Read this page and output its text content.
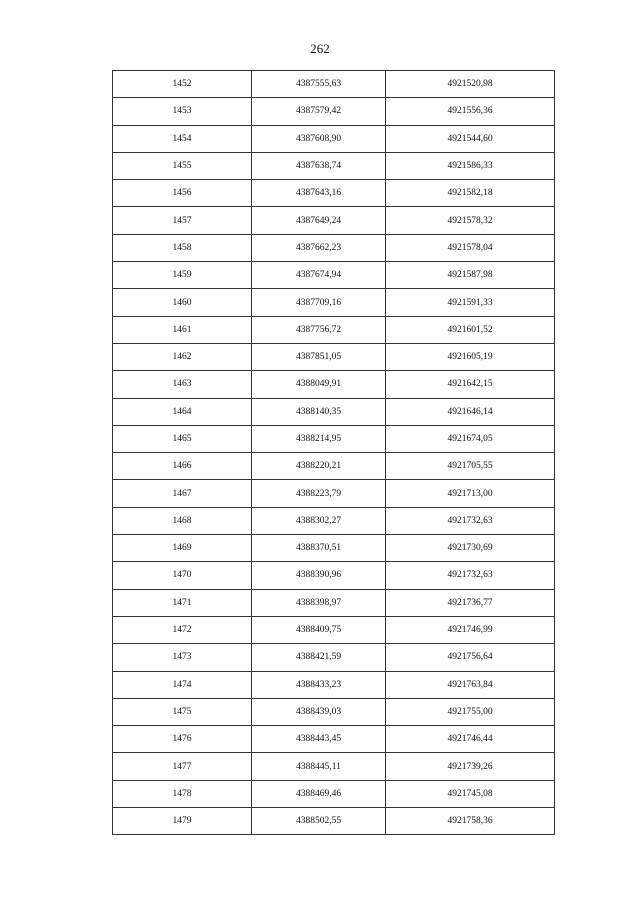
262
1452	4387555,63	4921520,98
1453	4387579,42	4921556,36
1454	4387608,90	4921544,60
1455	4387638,74	4921586,33
1456	4387643,16	4921582,18
1457	4387649,24	4921578,32
1458	4387662,23	4921578,04
1459	4387674,94	4921587,98
1460	4387709,16	4921591,33
1461	4387756,72	4921601,52
1462	4387851,05	4921605,19
1463	4388049,91	4921642,15
1464	4388140,35	4921646,14
1465	4388214,95	4921674,05
1466	4388220,21	4921705,55
1467	4388223,79	4921713,00
1468	4388302,27	4921732,63
1469	4388370,51	4921730,69
1470	4388390,96	4921732,63
1471	4388398,97	4921736,77
1472	4388409,75	4921746,99
1473	4388421,59	4921756,64
1474	4388433,23	4921763,84
1475	4388439,03	4921755,00
1476	4388443,45	4921746,44
1477	4388445,11	4921739,26
1478	4388469,46	4921745,08
1479	4388502,55	4921758,36
